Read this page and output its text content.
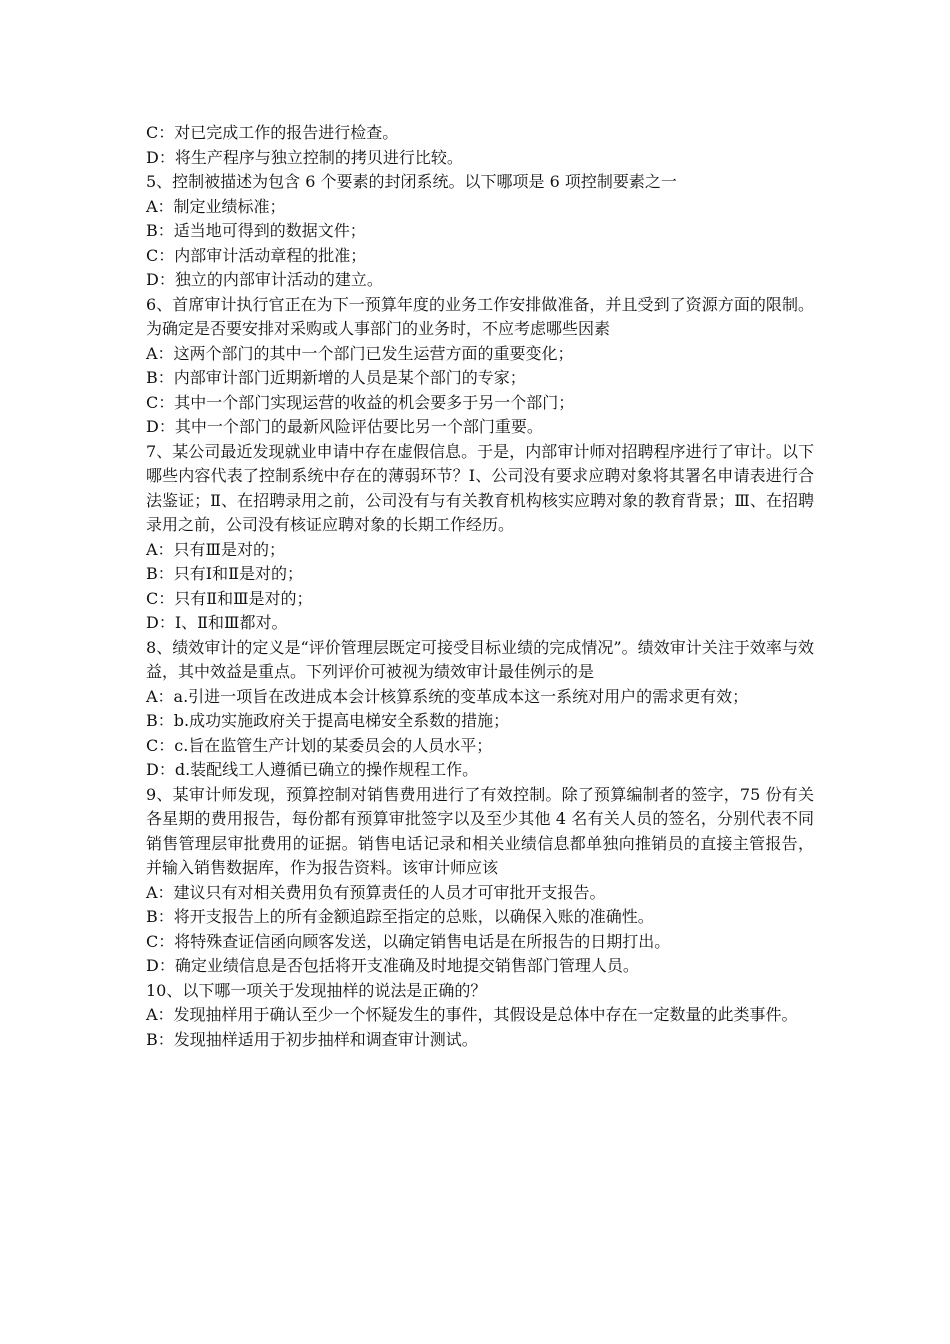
C：对已完成工作的报告进行检查。
D：将生产程序与独立控制的拷贝进行比较。
5、控制被描述为包含 6 个要素的封闭系统。以下哪项是 6 项控制要素之一
A：制定业绩标准；
B：适当地可得到的数据文件；
C：内部审计活动章程的批准；
D：独立的内部审计活动的建立。
6、首席审计执行官正在为下一预算年度的业务工作安排做准备，并且受到了资源方面的限制。为确定是否要安排对采购或人事部门的业务时，不应考虑哪些因素
A：这两个部门的其中一个部门已发生运营方面的重要变化；
B：内部审计部门近期新增的人员是某个部门的专家；
C：其中一个部门实现运营的收益的机会要多于另一个部门；
D：其中一个部门的最新风险评估要比另一个部门重要。
7、某公司最近发现就业申请中存在虚假信息。于是，内部审计师对招聘程序进行了审计。以下哪些内容代表了控制系统中存在的薄弱环节？Ⅰ、公司没有要求应聘对象将其署名申请表进行合法鉴证；Ⅱ、在招聘录用之前，公司没有与有关教育机构核实应聘对象的教育背景；Ⅲ、在招聘录用之前，公司没有核证应聘对象的长期工作经历。
A：只有Ⅲ是对的；
B：只有Ⅰ和Ⅱ是对的；
C：只有Ⅱ和Ⅲ是对的；
D：Ⅰ、Ⅱ和Ⅲ都对。
8、绩效审计的定义是“评价管理层既定可接受目标业绩的完成情况”。绩效审计关注于效率与效益，其中效益是重点。下列评价可被视为绩效审计最佳例示的是
A：a.引进一项旨在改进成本会计核算系统的变革成本这一系统对用户的需求更有效；
B：b.成功实施政府关于提高电梯安全系数的措施；
C：c.旨在监管生产计划的某委员会的人员水平；
D：d.装配线工人遵循已确立的操作规程工作。
9、某审计师发现，预算控制对销售费用进行了有效控制。除了预算编制者的签字，75 份有关各星期的费用报告，每份都有预算审批签字以及至少其他 4 名有关人员的签名，分别代表不同销售管理层审批费用的证据。销售电话记录和相关业绩信息都单独向推销员的直接主管报告，并输入销售数据库，作为报告资料。该审计师应该
A：建议只有对相关费用负有预算责任的人员才可审批开支报告。
B：将开支报告上的所有金额追踪至指定的总账，以确保入账的准确性。
C：将特殊查证信函向顾客发送，以确定销售电话是在所报告的日期打出。
D：确定业绩信息是否包括将开支准确及时地提交销售部门管理人员。
10、以下哪一项关于发现抽样的说法是正确的？
A：发现抽样用于确认至少一个怀疑发生的事件，其假设是总体中存在一定数量的此类事件。
B：发现抽样适用于初步抽样和调查审计测试。
